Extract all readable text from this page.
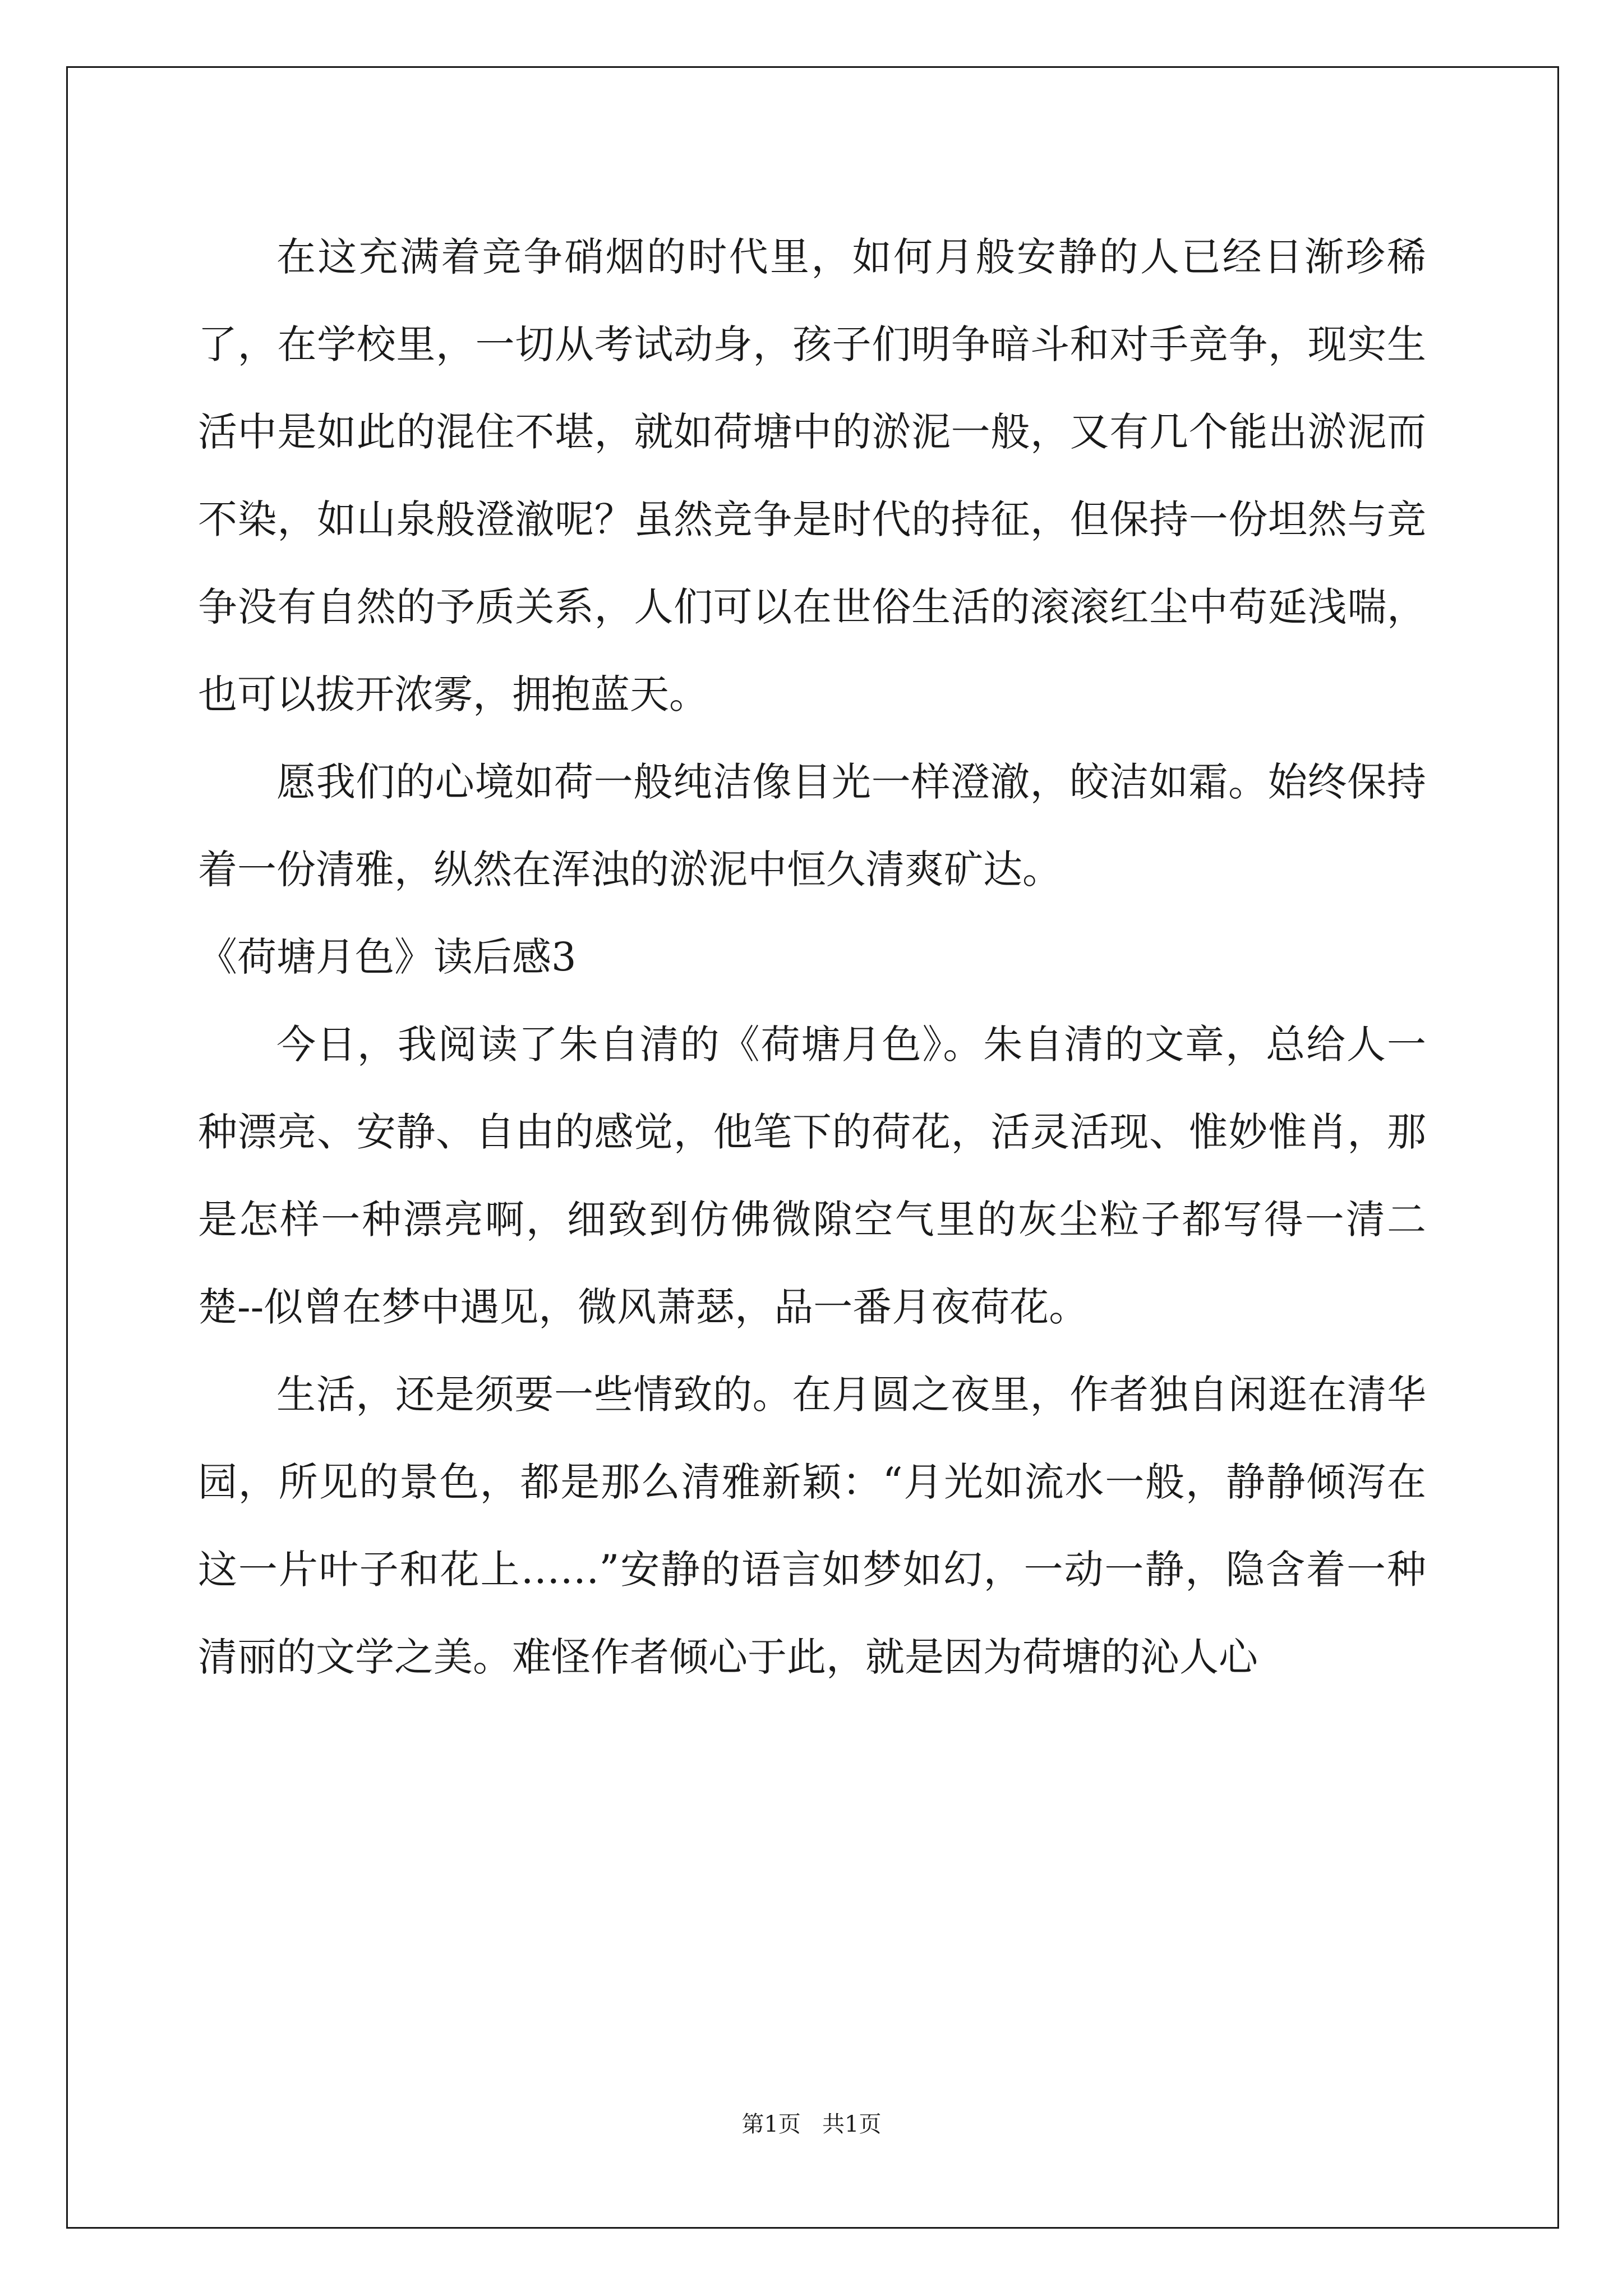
在这充满着竞争硝烟的时代里，如何月般安静的人已经日渐珍稀了，在学校里，一切从考试动身，孩子们明争暗斗和对手竞争，现实生活中是如此的混住不堪，就如荷塘中的淤泥一般，又有几个能出淤泥而不染，如山泉般澄澈呢？虽然竞争是时代的持征，但保持一份坦然与竞争没有自然的予质关系，人们可以在世俗生活的滚滚红尘中苟延浅喘，也可以拔开浓雾，拥抱蓝天。

愿我们的心境如荷一般纯洁像目光一样澄澈，皎洁如霜。始终保持着一份清雅，纵然在浑浊的淤泥中恒久清爽矿达。

《荷塘月色》读后感3

今日，我阅读了朱自清的《荷塘月色》。朱自清的文章，总给人一种漂亮、安静、自由的感觉，他笔下的荷花，活灵活现、惟妙惟肖，那是怎样一种漂亮啊，细致到仿佛微隙空气里的灰尘粒子都写得一清二楚--似曾在梦中遇见，微风萧瑟，品一番月夜荷花。

生活，还是须要一些情致的。在月圆之夜里，作者独自闲逛在清华园，所见的景色，都是那么清雅新颖：“月光如流水一般，静静倾泻在这一片叶子和花上……”安静的语言如梦如幻，一动一静，隐含着一种清丽的文学之美。难怪作者倾心于此，就是因为荷塘的沁人心

第1页   共1页
